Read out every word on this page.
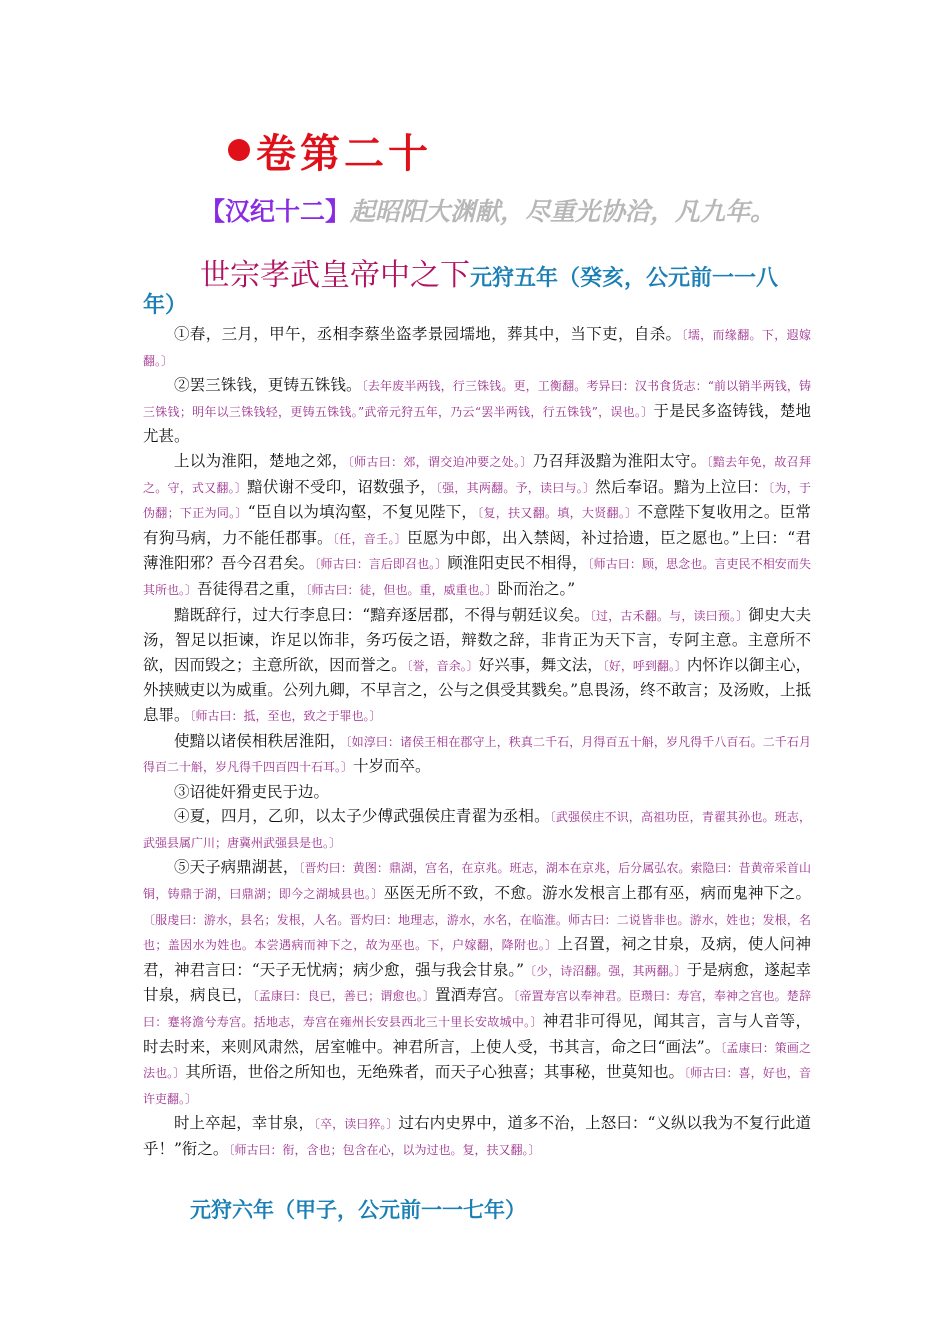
卷第二十
【汉纪十二】起昭阳大渊献，尽重光协洽，凡九年。
世宗孝武皇帝中之下元狩五年（癸亥，公元前一一八
年）

①春，三月，甲午，丞相李蔡坐盗孝景园壖地，葬其中，当下吏，自杀。〔壖，而缘翻。下，遐嫁翻。〕

②罢三铢钱，更铸五铢钱。〔去年废半两钱，行三铢钱。更，工衡翻。考异曰：汉书食货志：“前以销半两钱，铸三铢钱；明年以三铢钱轻，更铸五铢钱。”武帝元狩五年，乃云“罢半两钱，行五铢钱”，误也。〕于是民多盗铸钱，楚地尤甚。

上以为淮阳，楚地之郊，〔师古曰：郊，谓交迫冲要之处。〕乃召拜汲黯为淮阳太守。〔黯去年免，故召拜之。守，式又翻。〕黯伏谢不受印，诏数强予，〔强，其两翻。予，读曰与。〕然后奉诏。黯为上泣曰：〔为，于伪翻；下正为同。〕“臣自以为填沟壑，不复见陛下，〔复，扶又翻。填，大贤翻。〕不意陛下复收用之。臣常有狗马病，力不能任郡事。〔任，音壬。〕臣愿为中郎，出入禁闼，补过拾遗，臣之愿也。”上曰：“君薄淮阳邪？吾今召君矣。〔师古曰：言后即召也。〕顾淮阳吏民不相得，〔师古曰：顾，思念也。言吏民不相安而失其所也。〕吾徒得君之重，〔师古曰：徒，但也。重，威重也。〕卧而治之。”

黯既辞行，过大行李息曰：“黯弃逐居郡，不得与朝廷议矣。〔过，古禾翻。与，读曰预。〕御史大夫汤，智足以拒谏，诈足以饰非，务巧佞之语，辩数之辞，非肯正为天下言，专阿主意。主意所不欲，因而毁之；主意所欲，因而誉之。〔誉，音余。〕好兴事，舞文法，〔好，呼到翻。〕内怀诈以御主心，外挟贼吏以为威重。公列九卿，不早言之，公与之俱受其戮矣。”息畏汤，终不敢言；及汤败，上抵息罪。〔师古曰：抵，至也，致之于罪也。〕

使黯以诸侯相秩居淮阳，〔如淳曰：诸侯王相在郡守上，秩真二千石，月得百五十斛，岁凡得千八百石。二千石月得百二十斛，岁凡得千四百四十石耳。〕十岁而卒。

③诏徙奸猾吏民于边。

④夏，四月，乙卯，以太子少傅武强侯庄青翟为丞相。〔武强侯庄不识，高祖功臣，青翟其孙也。班志，武强县属广川；唐冀州武强县是也。〕

⑤天子病鼎湖甚，〔晋灼曰：黄图：鼎湖，宫名，在京兆。班志，湖本在京兆，后分属弘农。索隐曰：昔黄帝采首山铜，铸鼎于湖，曰鼎湖；即今之湖城县也。〕巫医无所不致，不愈。游水发根言上郡有巫，病而鬼神下之。〔服虔曰：游水，县名；发根，人名。晋灼曰：地理志，游水，水名，在临淮。师古曰：二说皆非也。游水，姓也；发根，名也；盖因水为姓也。本尝遇病而神下之，故为巫也。下，户嫁翻，降附也。〕上召置，祠之甘泉，及病，使人问神君，神君言曰：“天子无忧病；病少愈，强与我会甘泉。”〔少，诗沼翻。强，其两翻。〕于是病愈，遂起幸甘泉，病良已，〔孟康曰：良已，善已；谓愈也。〕置酒寿宫。〔帝置寿宫以奉神君。臣瓒曰：寿宫，奉神之宫也。楚辞曰：蹇将澹兮寿宫。括地志，寿宫在雍州长安县西北三十里长安故城中。〕神君非可得见，闻其言，言与人音等，时去时来，来则风肃然，居室帷中。神君所言，上使人受，书其言，命之曰“画法”。〔孟康曰：策画之法也。〕其所语，世俗之所知也，无绝殊者，而天子心独喜；其事秘，世莫知也。〔师古曰：喜，好也，音许吏翻。〕

时上卒起，幸甘泉，〔卒，读曰猝。〕过右内史界中，道多不治，上怒曰：“义纵以我为不复行此道乎！”衔之。〔师古曰：衔，含也；包含在心，以为过也。复，扶又翻。〕

元狩六年（甲子，公元前一一七年）
